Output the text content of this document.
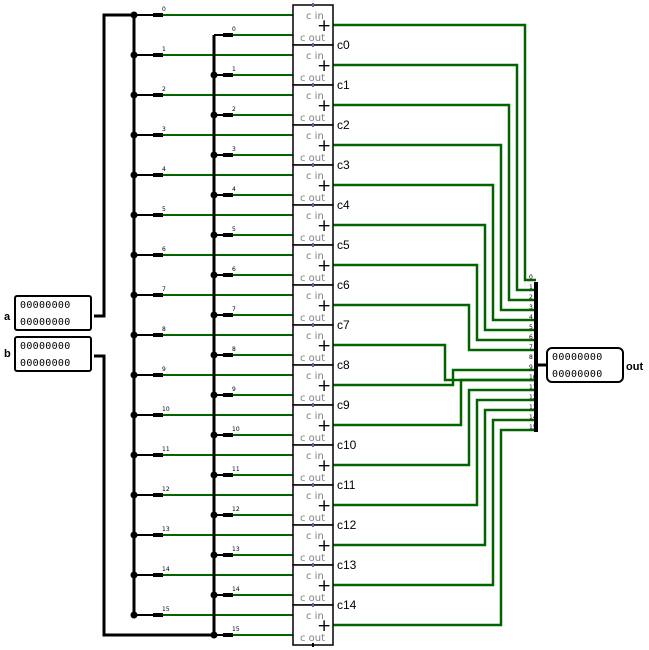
c in
c out
+
c in
c out
+
c in
c out
+
c in
c out
+
c in
c out
+
c in
c out
+
c in
c out
+
c in
c out
+
c in
c out
+
c in
c out
+
c in
c out
+
c in
c out
+
c in
c out
+
c in
c out
+
c in
c out
+
c in
c out
+
0
0
0
1
1
1
2
2
2
3
3
3
4
4
4
5
5
5
6
6
6
7
7
7
8
8
8
9
9
9
10
10
10
11
11
11
12
12
12
13
13
13
14
14
14
15
15
15
c0
c1
c2
c3
c4
c5
c6
c7
c8
c9
c10
c11
c12
c13
c14
00000000
00000000
a
00000000
00000000
b	00000000
00000000
out
